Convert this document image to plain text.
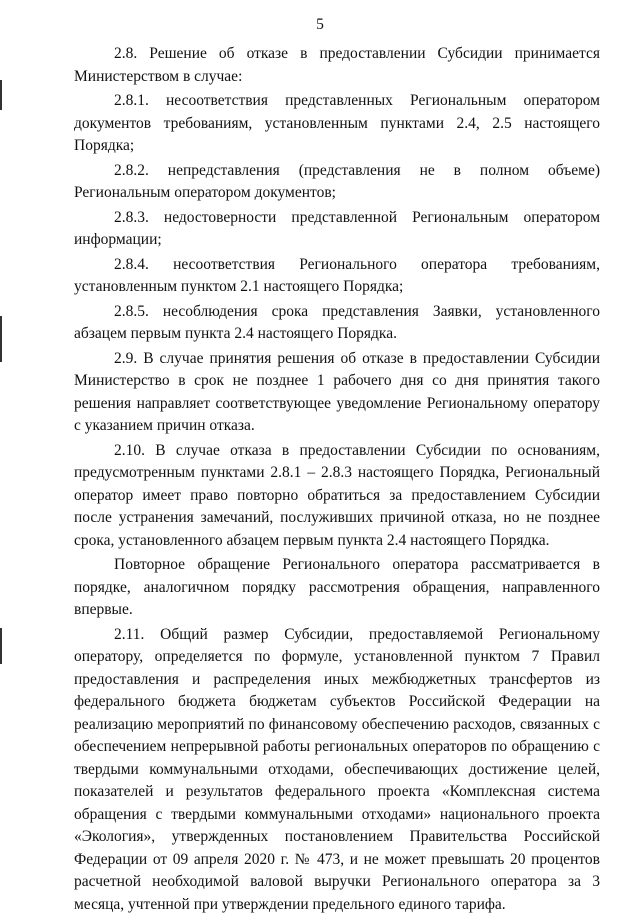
5

2.8. Решение об отказе в предоставлении Субсидии принимается Министерством в случае:

2.8.1. несоответствия представленных Региональным оператором документов требованиям, установленным пунктами 2.4, 2.5 настоящего Порядка;

2.8.2. непредставления (представления не в полном объеме) Региональным оператором документов;

2.8.3. недостоверности представленной Региональным оператором информации;

2.8.4. несоответствия Регионального оператора требованиям, установленным пунктом 2.1 настоящего Порядка;

2.8.5. несоблюдения срока представления Заявки, установленного абзацем первым пункта 2.4 настоящего Порядка.

2.9. В случае принятия решения об отказе в предоставлении Субсидии Министерство в срок не позднее 1 рабочего дня со дня принятия такого решения направляет соответствующее уведомление Региональному оператору с указанием причин отказа.

2.10. В случае отказа в предоставлении Субсидии по основаниям, предусмотренным пунктами 2.8.1 – 2.8.3 настоящего Порядка, Региональный оператор имеет право повторно обратиться за предоставлением Субсидии после устранения замечаний, послуживших причиной отказа, но не позднее срока, установленного абзацем первым пункта 2.4 настоящего Порядка.

Повторное обращение Регионального оператора рассматривается в порядке, аналогичном порядку рассмотрения обращения, направленного впервые.

2.11. Общий размер Субсидии, предоставляемой Региональному оператору, определяется по формуле, установленной пунктом 7 Правил предоставления и распределения иных межбюджетных трансфертов из федерального бюджета бюджетам субъектов Российской Федерации на реализацию мероприятий по финансовому обеспечению расходов, связанных с обеспечением непрерывной работы региональных операторов по обращению с твердыми коммунальными отходами, обеспечивающих достижение целей, показателей и результатов федерального проекта «Комплексная система обращения с твердыми коммунальными отходами» национального проекта «Экология», утвержденных постановлением Правительства Российской Федерации от 09 апреля 2020 г. № 473, и не может превышать 20 процентов расчетной необходимой валовой выручки Регионального оператора за 3 месяца, учтенной при утверждении предельного единого тарифа.
